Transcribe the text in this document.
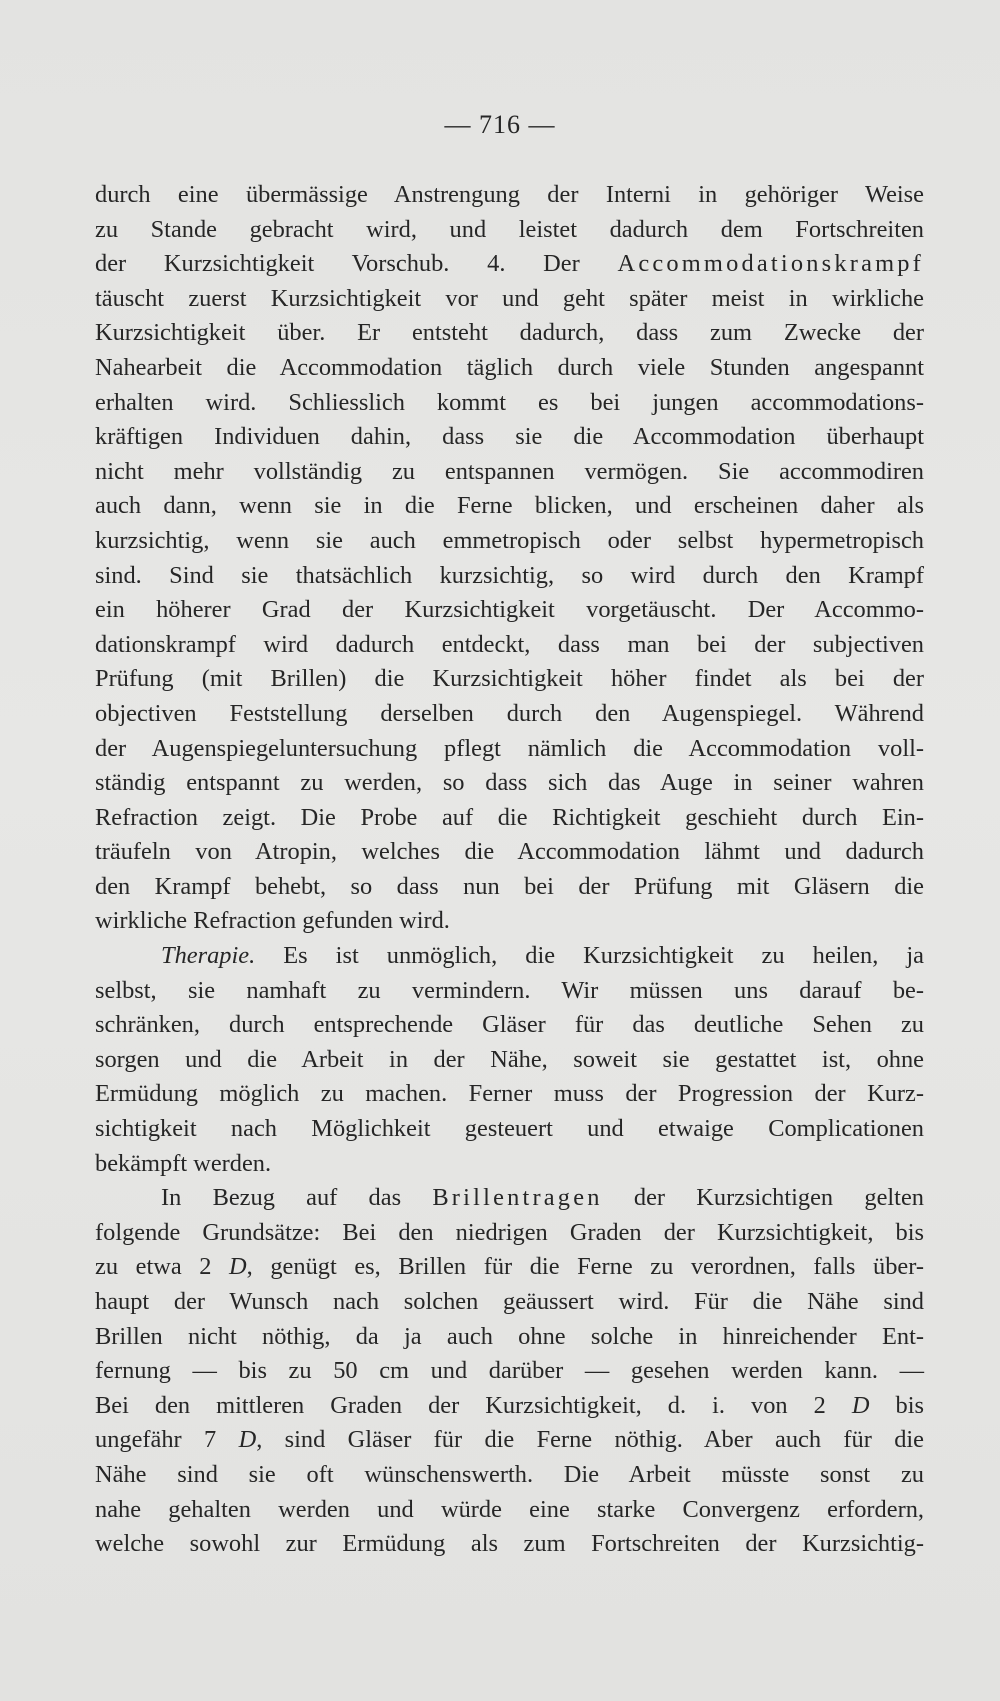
— 716 —
durch eine übermässige Anstrengung der Interni in gehöriger Weise
zu Stande gebracht wird, und leistet dadurch dem Fortschreiten
der Kurzsichtigkeit Vorschub. 4. Der Accommodationskrampf
täuscht zuerst Kurzsichtigkeit vor und geht später meist in wirkliche
Kurzsichtigkeit über. Er entsteht dadurch, dass zum Zwecke der
Nahearbeit die Accommodation täglich durch viele Stunden angespannt
erhalten wird. Schliesslich kommt es bei jungen accommodations-
kräftigen Individuen dahin, dass sie die Accommodation überhaupt
nicht mehr vollständig zu entspannen vermögen. Sie accommodiren
auch dann, wenn sie in die Ferne blicken, und erscheinen daher als
kurzsichtig, wenn sie auch emmetropisch oder selbst hypermetropisch
sind. Sind sie thatsächlich kurzsichtig, so wird durch den Krampf
ein höherer Grad der Kurzsichtigkeit vorgetäuscht. Der Accommo-
dationskrampf wird dadurch entdeckt, dass man bei der subjectiven
Prüfung (mit Brillen) die Kurzsichtigkeit höher findet als bei der
objectiven Feststellung derselben durch den Augenspiegel. Während
der Augenspiegeluntersuchung pflegt nämlich die Accommodation voll-
ständig entspannt zu werden, so dass sich das Auge in seiner wahren
Refraction zeigt. Die Probe auf die Richtigkeit geschieht durch Ein-
träufeln von Atropin, welches die Accommodation lähmt und dadurch
den Krampf behebt, so dass nun bei der Prüfung mit Gläsern die
wirkliche Refraction gefunden wird.
Therapie. Es ist unmöglich, die Kurzsichtigkeit zu heilen, ja
selbst, sie namhaft zu vermindern. Wir müssen uns darauf be-
schränken, durch entsprechende Gläser für das deutliche Sehen zu
sorgen und die Arbeit in der Nähe, soweit sie gestattet ist, ohne
Ermüdung möglich zu machen. Ferner muss der Progression der Kurz-
sichtigkeit nach Möglichkeit gesteuert und etwaige Complicationen
bekämpft werden.
In Bezug auf das Brillentragen der Kurzsichtigen gelten
folgende Grundsätze: Bei den niedrigen Graden der Kurzsichtigkeit, bis
zu etwa 2 D, genügt es, Brillen für die Ferne zu verordnen, falls über-
haupt der Wunsch nach solchen geäussert wird. Für die Nähe sind
Brillen nicht nöthig, da ja auch ohne solche in hinreichender Ent-
fernung — bis zu 50 cm und darüber — gesehen werden kann. —
Bei den mittleren Graden der Kurzsichtigkeit, d. i. von 2 D bis
ungefähr 7 D, sind Gläser für die Ferne nöthig. Aber auch für die
Nähe sind sie oft wünschenswerth. Die Arbeit müsste sonst zu
nahe gehalten werden und würde eine starke Convergenz erfordern,
welche sowohl zur Ermüdung als zum Fortschreiten der Kurzsichtig-
